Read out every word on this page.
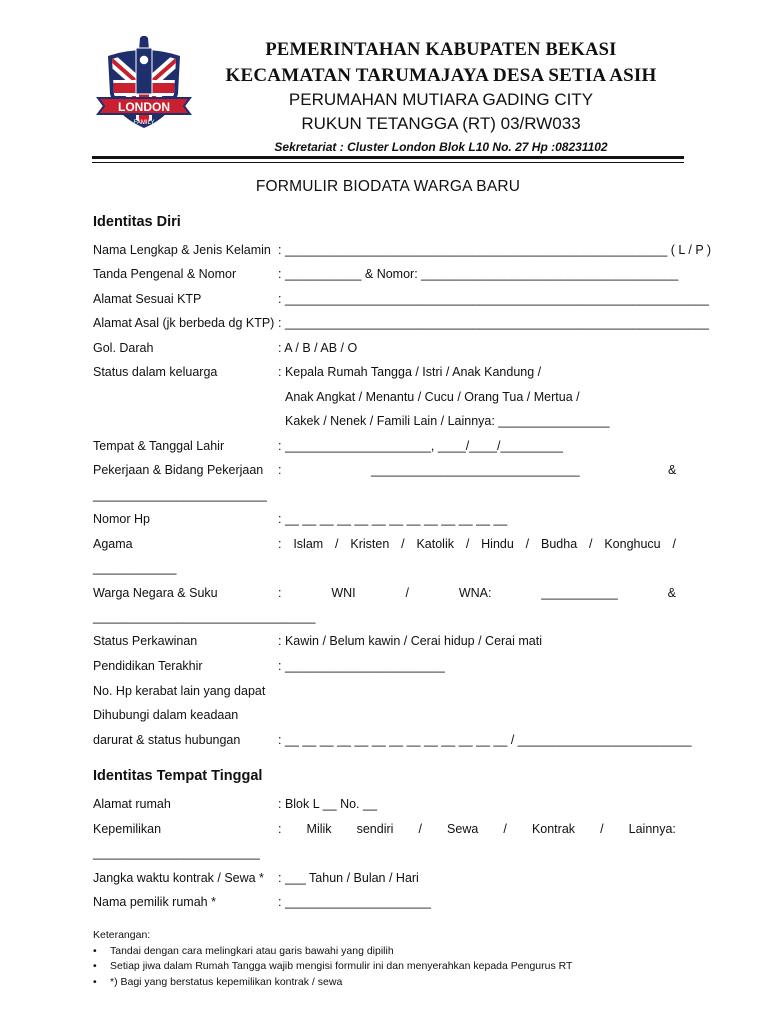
LONDON
FAMILY
2017
PEMERINTAHAN KABUPATEN BEKASI
KECAMATAN TARUMAJAYA DESA SETIA ASIH
PERUMAHAN MUTIARA GADING CITY
RUKUN TETANGGA (RT) 03/RW033
Sekretariat : Cluster London Blok L10 No. 27 Hp :08231102
FORMULIR BIODATA WARGA BARU
Identitas Diri
Nama Lengkap & Jenis Kelamin : _______________________________________________________ ( L / P )
Tanda Pengenal & Nomor	: ___________ & Nomor: _____________________________________
Alamat Sesuai KTP	: _____________________________________________________________
Alamat Asal (jk berbeda dg KTP) : _____________________________________________________________
Gol. Darah	: A / B / AB / O
Status dalam keluarga	: Kepala Rumah Tangga / Istri / Anak Kandung /
Anak Angkat / Menantu / Cucu / Orang Tua / Mertua /
Kakek / Nenek / Famili Lain / Lainnya: ________________
Tempat & Tanggal Lahir	: _____________________, ____/____/_________
Pekerjaan & Bidang Pekerjaan :	______________________________	&
_________________________
Nomor Hp	: __ __ __ __ __ __ __ __ __ __ __ __ __
Agama	: Islam / Kristen / Katolik / Hindu / Budha / Konghucu /
____________
Warga Negara & Suku	:	WNI	/	WNA:	___________	&
________________________________
Status Perkawinan	: Kawin / Belum kawin / Cerai hidup / Cerai mati
Pendidikan Terakhir	: _______________________
No. Hp kerabat lain yang dapat
Dihubungi dalam keadaan
darurat & status hubungan	: __ __ __ __ __ __ __ __ __ __ __ __ __ / _________________________
Identitas Tempat Tinggal
Alamat rumah	: Blok L __ No. __
Kepemilikan	: Milik sendiri / Sewa / Kontrak / Lainnya:
________________________
Jangka waktu kontrak / Sewa * : ___ Tahun / Bulan / Hari
Nama pemilik rumah *	: _____________________
Keterangan:
• Tandai dengan cara melingkari atau garis bawahi yang dipilih
• Setiap jiwa dalam Rumah Tangga wajib mengisi formulir ini dan menyerahkan kepada Pengurus RT
• *) Bagi yang berstatus kepemilikan kontrak / sewa
